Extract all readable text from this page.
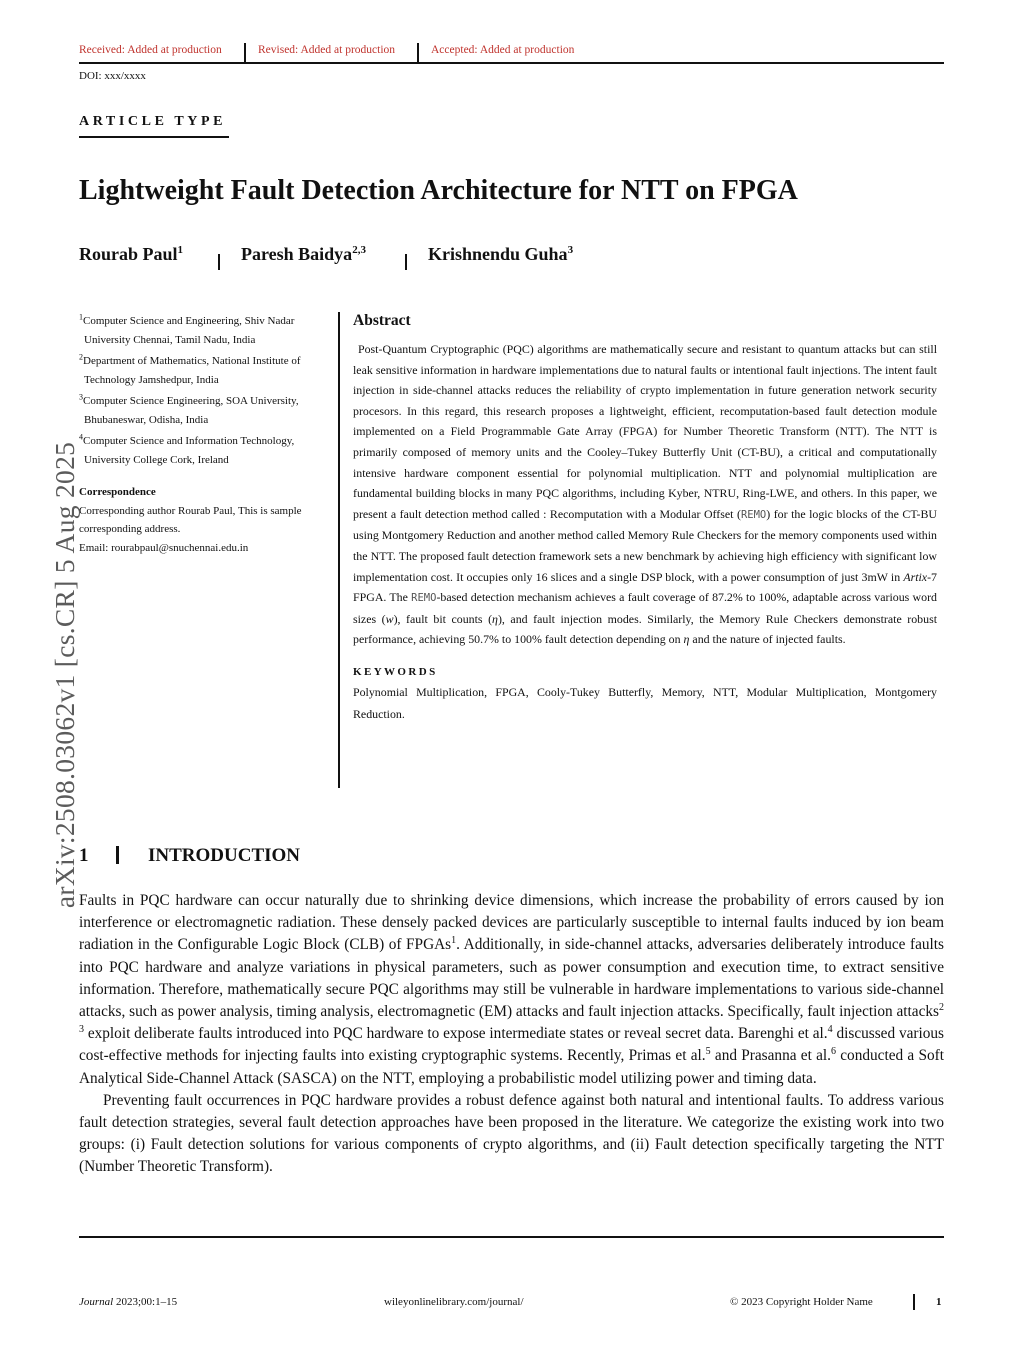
Received: Added at production	Revised: Added at production	Accepted: Added at production
DOI: xxx/xxxx
ARTICLE TYPE
Lightweight Fault Detection Architecture for NTT on FPGA
Rourab Paul$^1$	Paresh Baidya$^{2,3}$	Krishnendu Guha$^3$
$^1$Computer Science and Engineering, Shiv Nadar
University Chennai, Tamil Nadu, India
$^2$Department of Mathematics, National Institute of
Technology Jamshedpur, India
$^3$Computer Science Engineering, SOA University,
Bhubaneswar, Odisha, India
$^4$Computer Science and Information Technology,
University College Cork, Ireland
Correspondence
Corresponding author Rourab Paul, This is sample corresponding address.
Email: rourabpaul@snuchennai.edu.in
Abstract
Post-Quantum Cryptographic (PQC) algorithms are mathematically secure and resistant to quantum attacks but can still leak sensitive information in hardware implementations due to natural faults or intentional fault injections. The intent fault injection in side-channel attacks reduces the reliability of crypto implementation in future generation network security procesors. In this regard, this research proposes a lightweight, efficient, recomputation-based fault detection module implemented on a Field Programmable Gate Array (FPGA) for Number Theoretic Transform (NTT). The NTT is primarily composed of memory units and the Cooley–Tukey Butterfly Unit (CT-BU), a critical and computationally intensive hardware component essential for polynomial multiplication. NTT and polynomial multiplication are fundamental building blocks in many PQC algorithms, including Kyber, NTRU, Ring-LWE, and others. In this paper, we present a fault detection method called : Recomputation with a Modular Offset (REMO) for the logic blocks of the CT-BU using Montgomery Reduction and another method called Memory Rule Checkers for the memory components used within the NTT. The proposed fault detection framework sets a new benchmark by achieving high efficiency with significant low implementation cost. It occupies only 16 slices and a single DSP block, with a power consumption of just 3mW in Artix-7 FPGA. The REMO-based detection mechanism achieves a fault coverage of 87.2% to 100%, adaptable across various word sizes (w), fault bit counts (η), and fault injection modes. Similarly, the Memory Rule Checkers demonstrate robust performance, achieving 50.7% to 100% fault detection depending on η and the nature of injected faults.
KEYWORDS
Polynomial Multiplication, FPGA, Cooly-Tukey Butterfly, Memory, NTT, Modular Multiplication, Montgomery Reduction.
arXiv:2508.03062v1 [cs.CR] 5 Aug 2025 1	INTRODUCTION

Faults in PQC hardware can occur naturally due to shrinking device dimensions, which increase the probability of errors caused by ion interference or electromagnetic radiation. These densely packed devices are particularly susceptible to internal faults induced by ion beam radiation in the Configurable Logic Block (CLB) of FPGAs$^1$. Additionally, in side-channel attacks, adversaries deliberately introduce faults into PQC hardware and analyze variations in physical parameters, such as power consumption and execution time, to extract sensitive information. Therefore, mathematically secure PQC algorithms may still be vulnerable in hardware implementations to various side-channel attacks, such as power analysis, timing analysis, electromagnetic (EM) attacks and fault injection attacks. Specifically, fault injection attacks$^{2 3}$ exploit deliberate faults introduced into PQC hardware to expose intermediate states or reveal secret data. Barenghi et al.$^4$ discussed various cost-effective methods for injecting faults into existing cryptographic systems. Recently, Primas et al.$^5$ and Prasanna et al.$^6$ conducted a Soft Analytical Side-Channel Attack (SASCA) on the NTT, employing a probabilistic model utilizing power and timing data.

Preventing fault occurrences in PQC hardware provides a robust defence against both natural and intentional faults. To address various fault detection strategies, several fault detection approaches have been proposed in the literature. We categorize the existing work into two groups: (i) Fault detection solutions for various components of crypto algorithms, and (ii) Fault detection specifically targeting the NTT (Number Theoretic Transform).

Journal 2023;00:1–15	wileyonlinelibrary.com/journal/	© 2023 Copyright Holder Name	1
